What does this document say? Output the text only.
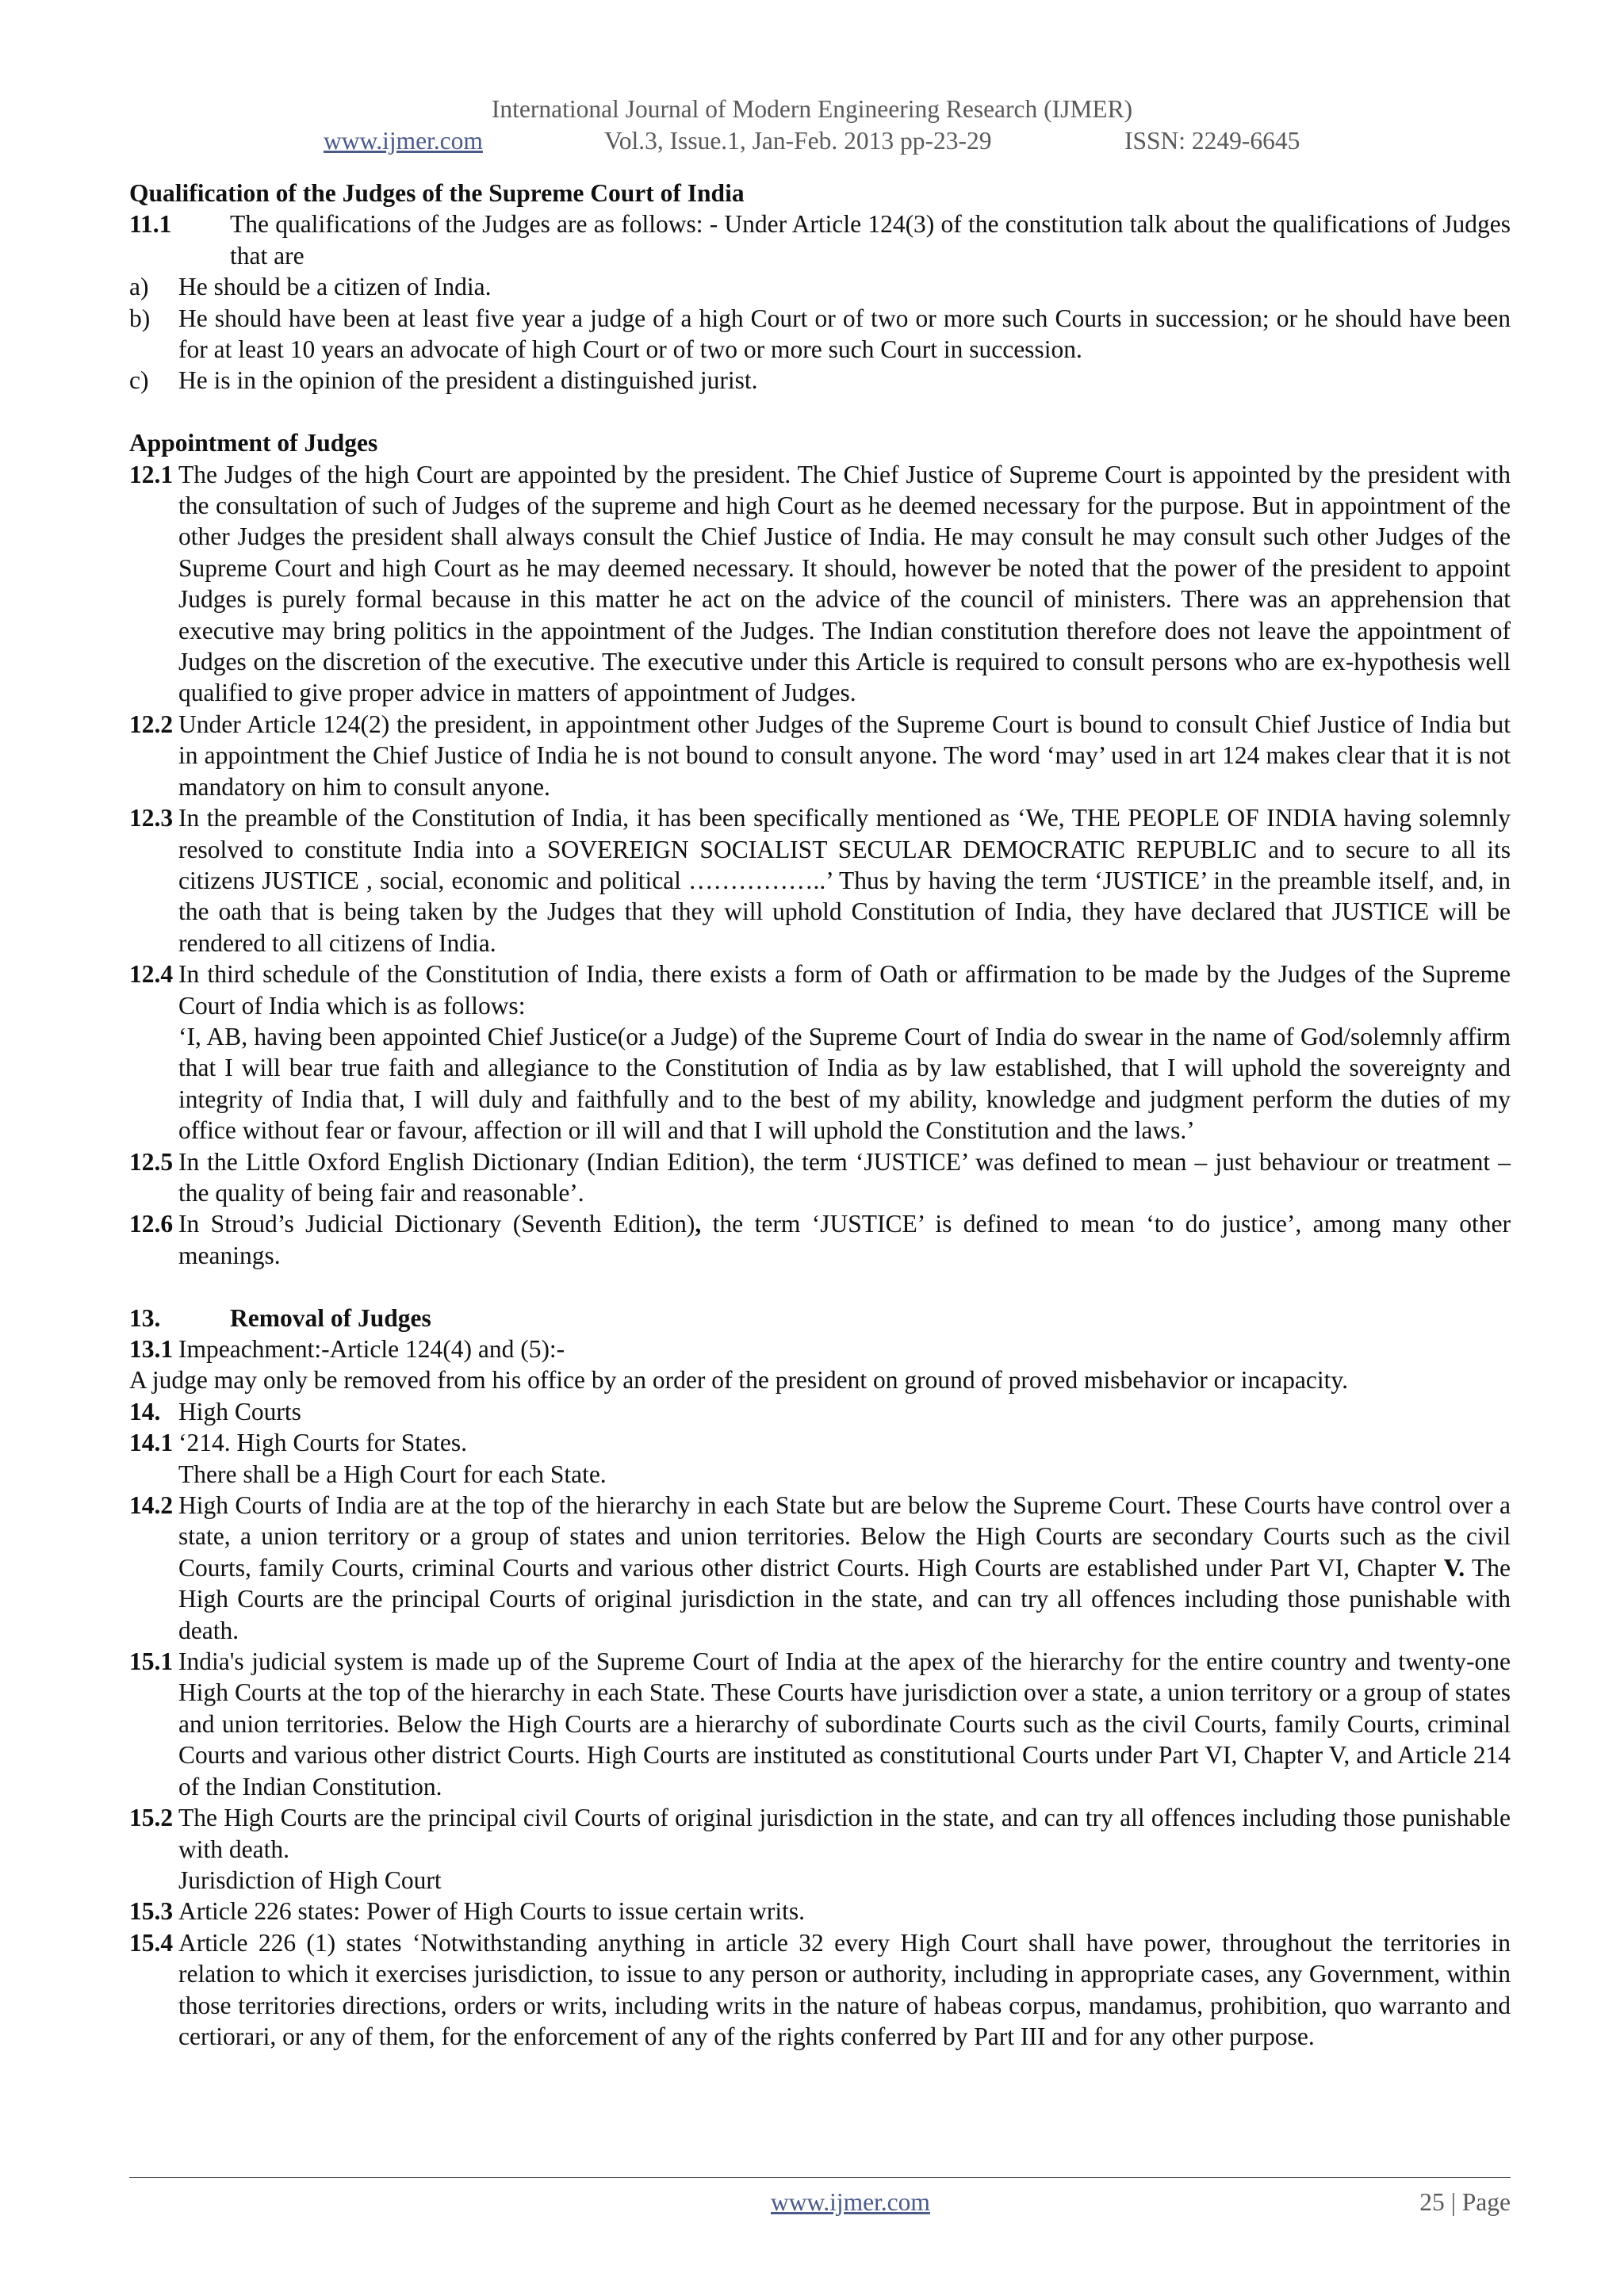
International Journal of Modern Engineering Research (IJMER)
www.ijmer.com	Vol.3, Issue.1, Jan-Feb. 2013 pp-23-29	ISSN: 2249-6645

Qualification of the Judges of the Supreme Court of India

11.1	The qualifications of the Judges are as follows: - Under Article 124(3) of the constitution talk about the qualifications of Judges that are
a) He should be a citizen of India.
b) He should have been at least five year a judge of a high Court or of two or more such Courts in succession; or he should have been for at least 10 years an advocate of high Court or of two or more such Court in succession.
c) He is in the opinion of the president a distinguished jurist.

Appointment of Judges

12.1 The Judges of the high Court are appointed by the president. The Chief Justice of Supreme Court is appointed by the president with the consultation of such of Judges of the supreme and high Court as he deemed necessary for the purpose. But in appointment of the other Judges the president shall always consult the Chief Justice of India. He may consult he may consult such other Judges of the Supreme Court and high Court as he may deemed necessary. It should, however be noted that the power of the president to appoint Judges is purely formal because in this matter he act on the advice of the council of ministers. There was an apprehension that executive may bring politics in the appointment of the Judges. The Indian constitution therefore does not leave the appointment of Judges on the discretion of the executive. The executive under this Article is required to consult persons who are ex-hypothesis well qualified to give proper advice in matters of appointment of Judges.
12.2 Under Article 124(2) the president, in appointment other Judges of the Supreme Court is bound to consult Chief Justice of India but in appointment the Chief Justice of India he is not bound to consult anyone. The word ‘may’ used in art 124 makes clear that it is not mandatory on him to consult anyone.
12.3 In the preamble of the Constitution of India, it has been specifically mentioned as ‘We, THE PEOPLE OF INDIA having solemnly resolved to constitute India into a SOVEREIGN SOCIALIST SECULAR DEMOCRATIC REPUBLIC and to secure to all its citizens JUSTICE , social, economic and political ……………..’ Thus by having the term ‘JUSTICE’ in the preamble itself, and, in the oath that is being taken by the Judges that they will uphold Constitution of India, they have declared that JUSTICE will be rendered to all citizens of India.
12.4 In third schedule of the Constitution of India, there exists a form of Oath or affirmation to be made by the Judges of the Supreme Court of India which is as follows:
‘I, AB, having been appointed Chief Justice(or a Judge) of the Supreme Court of India do swear in the name of God/solemnly affirm that I will bear true faith and allegiance to the Constitution of India as by law established, that I will uphold the sovereignty and integrity of India that, I will duly and faithfully and to the best of my ability, knowledge and judgment perform the duties of my office without fear or favour, affection or ill will and that I will uphold the Constitution and the laws.’
12.5 In the Little Oxford English Dictionary (Indian Edition), the term ‘JUSTICE’ was defined to mean – just behaviour or treatment – the quality of being fair and reasonable’.
12.6 In Stroud’s Judicial Dictionary (Seventh Edition), the term ‘JUSTICE’ is defined to mean ‘to do justice’, among many other meanings.
13.	Removal of Judges
13.1 Impeachment:-Article 124(4) and (5):-

A judge may only be removed from his office by an order of the president on ground of proved misbehavior or incapacity.

14. High Courts
14.1 ‘214. High Courts for States.
There shall be a High Court for each State.
14.2 High Courts of India are at the top of the hierarchy in each State but are below the Supreme Court. These Courts have control over a state, a union territory or a group of states and union territories. Below the High Courts are secondary Courts such as the civil Courts, family Courts, criminal Courts and various other district Courts. High Courts are established under Part VI, Chapter V. The High Courts are the principal Courts of original jurisdiction in the state, and can try all offences including those punishable with death.
15.1 India's judicial system is made up of the Supreme Court of India at the apex of the hierarchy for the entire country and twenty-one High Courts at the top of the hierarchy in each State. These Courts have jurisdiction over a state, a union territory or a group of states and union territories. Below the High Courts are a hierarchy of subordinate Courts such as the civil Courts, family Courts, criminal Courts and various other district Courts. High Courts are instituted as constitutional Courts under Part VI, Chapter V, and Article 214 of the Indian Constitution.
15.2 The High Courts are the principal civil Courts of original jurisdiction in the state, and can try all offences including those punishable with death.
Jurisdiction of High Court
15.3 Article 226 states: Power of High Courts to issue certain writs.
15.4 Article 226 (1) states ‘Notwithstanding anything in article 32 every High Court shall have power, throughout the territories in relation to which it exercises jurisdiction, to issue to any person or authority, including in appropriate cases, any Government, within those territories directions, orders or writs, including writs in the nature of habeas corpus, mandamus, prohibition, quo warranto and certiorari, or any of them, for the enforcement of any of the rights conferred by Part III and for any other purpose.
www.ijmer.com	25 | Page
